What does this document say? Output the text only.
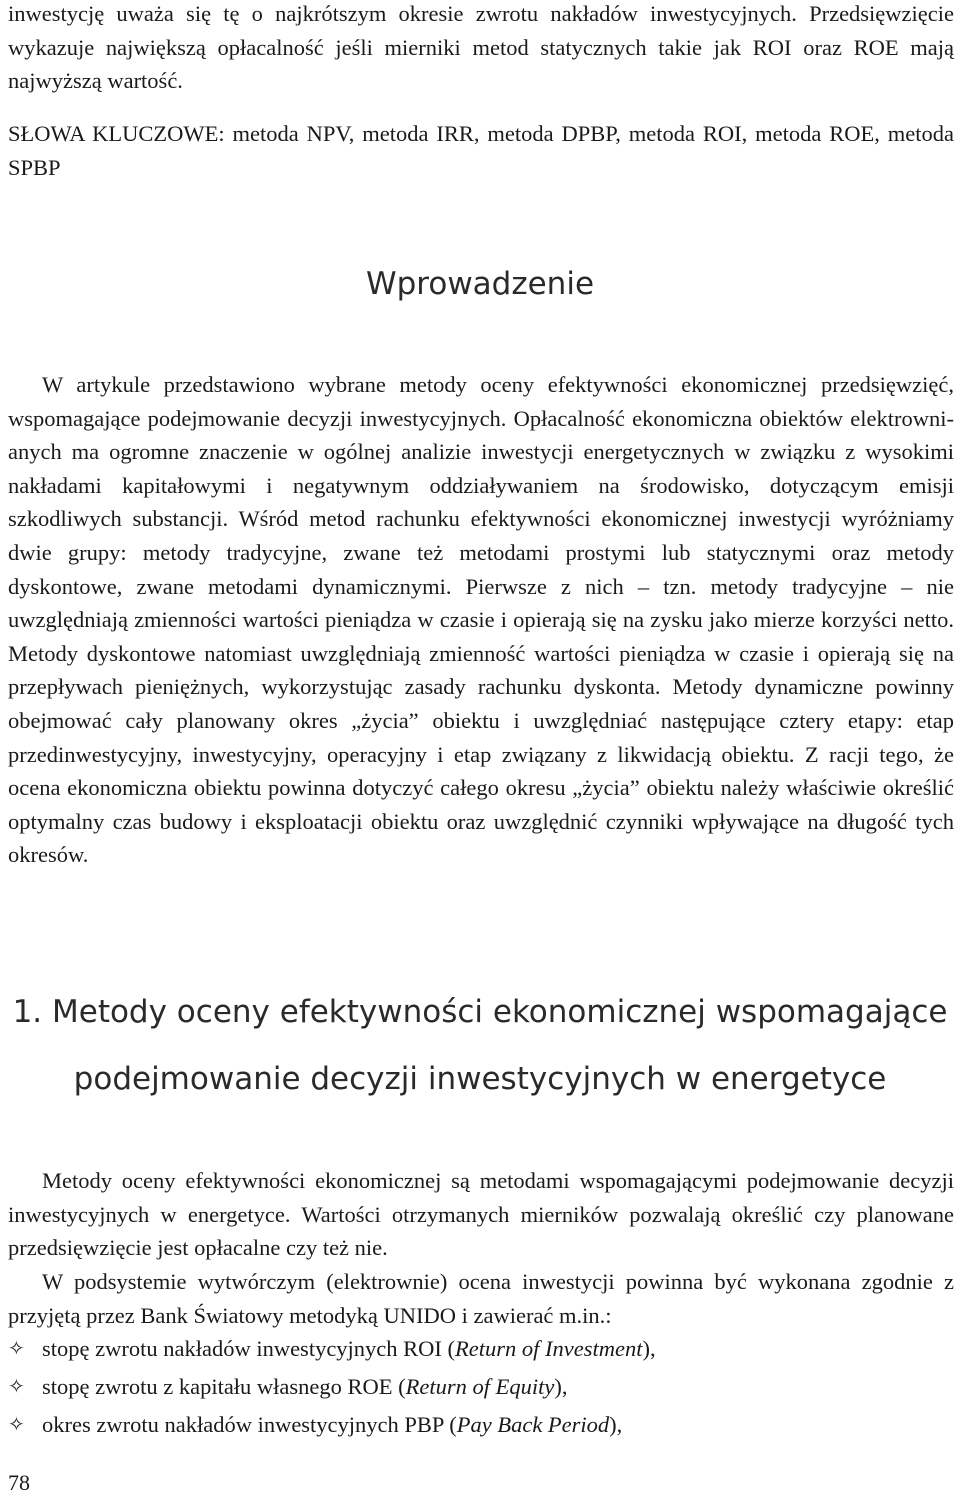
inwestycję uważa się tę o najkrótszym okresie zwrotu nakładów inwestycyjnych. Przedsięwzięcie wykazuje największą opłacalność jeśli mierniki metod statycznych takie jak ROI oraz ROE mają najwyższą wartość.

SŁOWA KLUCZOWE: metoda NPV, metoda IRR, metoda DPBP, metoda ROI, metoda ROE, metoda SPBP

Wprowadzenie

W artykule przedstawiono wybrane metody oceny efektywności ekonomicznej przedsięwzięć, wspomagające podejmowanie decyzji inwestycyjnych. Opłacalność ekonomiczna obiektów elektrownianych ma ogromne znaczenie w ogólnej analizie inwestycji energetycznych w związku z wysokimi nakładami kapitałowymi i negatywnym oddziaływaniem na środowisko, dotyczącym emisji szkodliwych substancji. Wśród metod rachunku efektywności ekonomicznej inwestycji wyróżniamy dwie grupy: metody tradycyjne, zwane też metodami prostymi lub statycznymi oraz metody dyskontowe, zwane metodami dynamicznymi. Pierwsze z nich – tzn. metody tradycyjne – nie uwzględniają zmienności wartości pieniądza w czasie i opierają się na zysku jako mierze korzyści netto. Metody dyskontowe natomiast uwzględniają zmienność wartości pieniądza w czasie i opierają się na przepływach pieniężnych, wykorzystując zasady rachunku dyskonta. Metody dynamiczne powinny obejmować cały planowany okres „życia” obiektu i uwzględniać następujące cztery etapy: etap przedinwestycyjny, inwestycyjny, operacyjny i etap związany z likwidacją obiektu. Z racji tego, że ocena ekonomiczna obiektu powinna dotyczyć całego okresu „życia” obiektu należy właściwie określić optymalny czas budowy i eksploatacji obiektu oraz uwzględnić czynniki wpływające na długość tych okresów.

1. Metody oceny efektywności ekonomicznej wspomagające
podejmowanie decyzji inwestycyjnych w energetyce

Metody oceny efektywności ekonomicznej są metodami wspomagającymi podejmowanie decyzji inwestycyjnych w energetyce. Wartości otrzymanych mierników pozwalają określić czy planowane przedsięwzięcie jest opłacalne czy też nie.

W podsystemie wytwórczym (elektrownie) ocena inwestycji powinna być wykonana zgodnie z przyjętą przez Bank Światowy metodyką UNIDO i zawierać m.in.:

✧ stopę zwrotu nakładów inwestycyjnych ROI (Return of Investment),
✧ stopę zwrotu z kapitału własnego ROE (Return of Equity),
✧ okres zwrotu nakładów inwestycyjnych PBP (Pay Back Period),
78
